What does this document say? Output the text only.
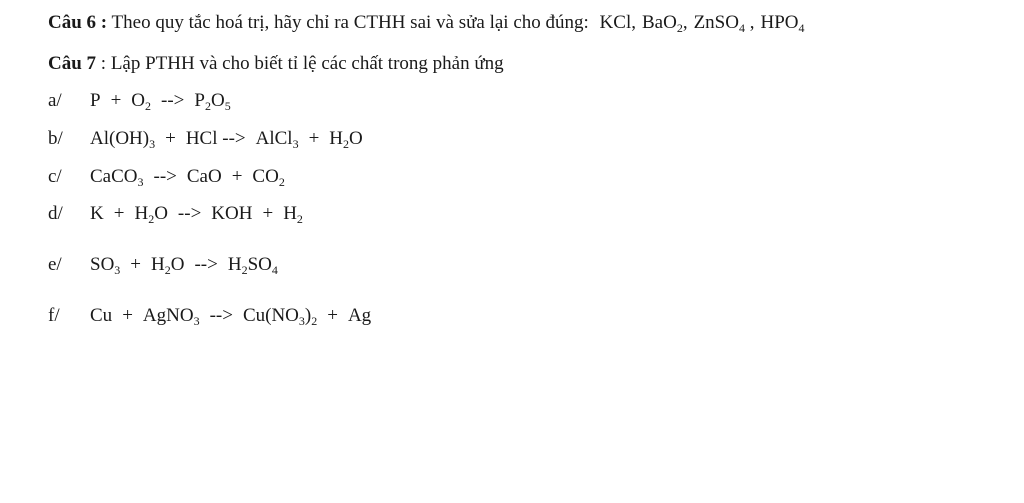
Câu 6 : Theo quy tắc hoá trị, hãy chỉ ra CTHH sai và sửa lại cho đúng: KCl, BaO$_2$, ZnSO$_4$ , $HPO_4$
Câu 7 : Lập PTHH và cho biết tỉ lệ các chất trong phản ứng
a/ $P + O_2$ --> $P_2O_5$
b/ $Al(OH)_3$ + HCl --> AlCl$_3$ + $H_2O$
c/ CaCO$_3$ --> CaO + $CO_2$
d/ $K + H_2O$ --> KOH + $H_2$
e/ $SO_3 + H_2O$ --> $H_2SO_4$
f/ Cu + AgNO$_3$ --> $Cu(NO_3)_2 + Ag$
